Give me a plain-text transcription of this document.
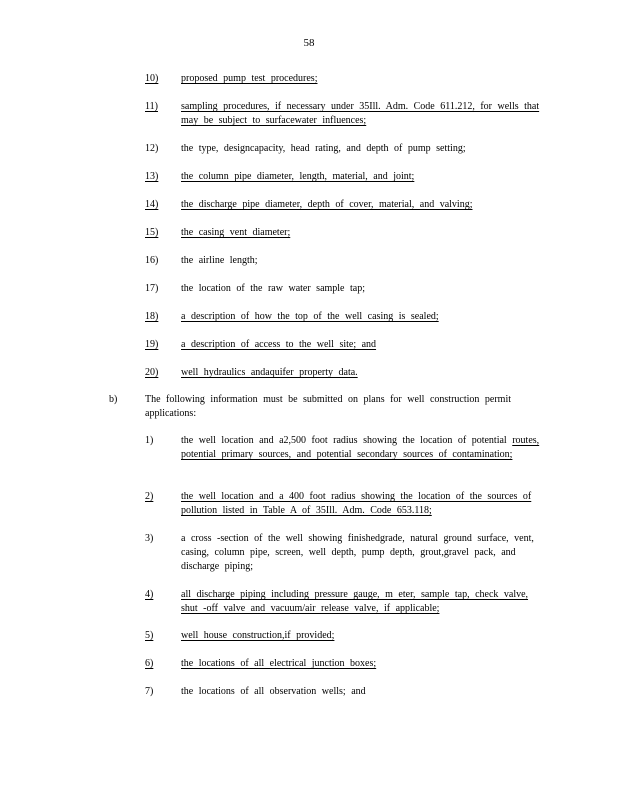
58
10) proposed pump test procedures;
11) sampling procedures, if necessary under 35Ill. Adm. Code 611.212, for wells that may be subject to surfacewater influences;
12) the type, designcapacity, head rating, and depth of pump setting;
13) the column pipe diameter, length, material, and joint;
14) the discharge pipe diameter, depth of cover, material, and valving;
15) the casing vent diameter;
16) the airline length;
17) the location of the raw water sample tap;
18) a description of how the top of the well casing is sealed;
19) a description of access to the well site; and
20) well hydraulics andaquifer property data.
b)	The following information must be submitted on plans for well construction permit applications:
1)	the well location and a2,500 foot radius showing the location of potential routes, potential primary sources, and potential secondary sources of contamination;
2)	the well location and a 400 foot radius showing the location of the sources of pollution listed in Table A of 35Ill. Adm. Code 653.118;
3)	a cross -section of the well showing finishedgrade, natural ground surface, vent, casing, column pipe, screen, well depth, pump depth, grout,gravel pack, and discharge piping;
4)	all discharge piping including pressure gauge, m eter, sample tap, check valve, shut -off valve and vacuum/air release valve, if applicable;
5)	well house construction,if provided;
6)	the locations of all electrical junction boxes;
7)	the locations of all observation wells; and
